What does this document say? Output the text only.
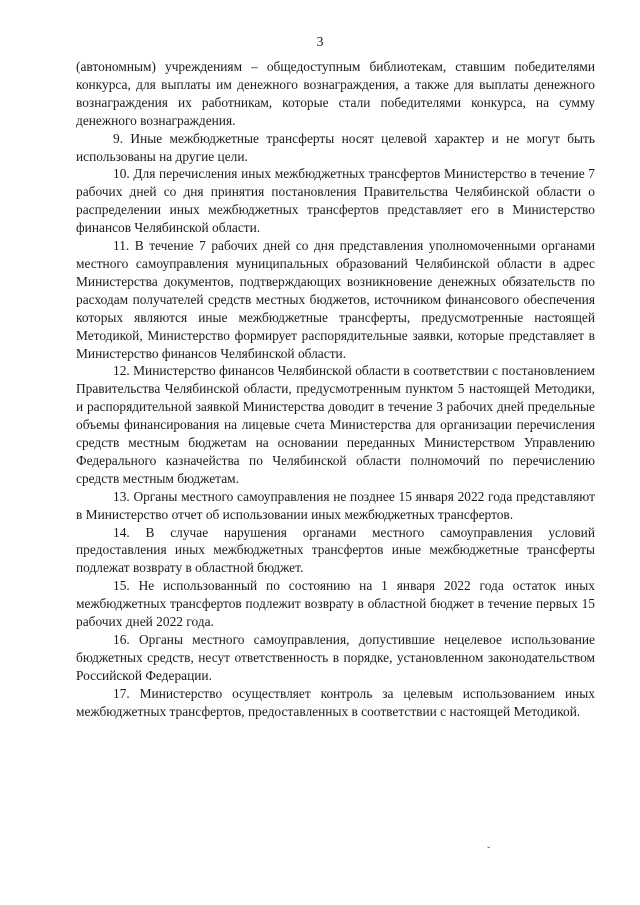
3

(автономным) учреждениям – общедоступным библиотекам, ставшим победителями конкурса, для выплаты им денежного вознаграждения, а также для выплаты денежного вознаграждения их работникам, которые стали победителями конкурса, на сумму денежного вознаграждения.

9. Иные межбюджетные трансферты носят целевой характер и не могут быть использованы на другие цели.

10. Для перечисления иных межбюджетных трансфертов Министерство в течение 7 рабочих дней со дня принятия постановления Правительства Челябинской области о распределении иных межбюджетных трансфертов представляет его в Министерство финансов Челябинской области.

11. В течение 7 рабочих дней со дня представления уполномоченными органами местного самоуправления муниципальных образований Челябинской области в адрес Министерства документов, подтверждающих возникновение денежных обязательств по расходам получателей средств местных бюджетов, источником финансового обеспечения которых являются иные межбюджетные трансферты, предусмотренные настоящей Методикой, Министерство формирует распорядительные заявки, которые представляет в Министерство финансов Челябинской области.

12. Министерство финансов Челябинской области в соответствии с постановлением Правительства Челябинской области, предусмотренным пунктом 5 настоящей Методики, и распорядительной заявкой Министерства доводит в течение 3 рабочих дней предельные объемы финансирования на лицевые счета Министерства для организации перечисления средств местным бюджетам на основании переданных Министерством Управлению Федерального казначейства по Челябинской области полномочий по перечислению средств местным бюджетам.

13. Органы местного самоуправления не позднее 15 января 2022 года представляют в Министерство отчет об использовании иных межбюджетных трансфертов.

14. В случае нарушения органами местного самоуправления условий предоставления иных межбюджетных трансфертов иные межбюджетные трансферты подлежат возврату в областной бюджет.

15. Не использованный по состоянию на 1 января 2022 года остаток иных межбюджетных трансфертов подлежит возврату в областной бюджет в течение первых 15 рабочих дней 2022 года.

16. Органы местного самоуправления, допустившие нецелевое использование бюджетных средств, несут ответственность в порядке, установленном законодательством Российской Федерации.

17. Министерство осуществляет контроль за целевым использованием иных межбюджетных трансфертов, предоставленных в соответствии с настоящей Методикой.

ˇ
